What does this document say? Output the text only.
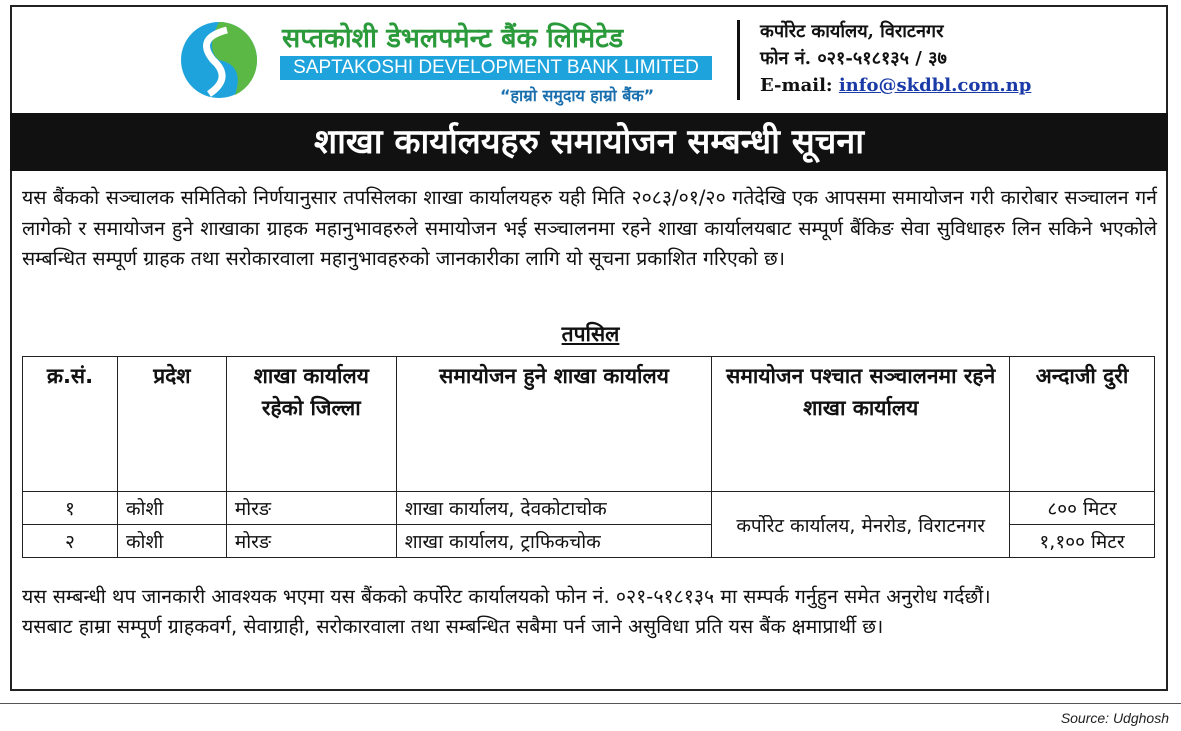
सप्तकोशी डेभलपमेन्ट बैंक लिमिटेड
SAPTAKOSHI DEVELOPMENT BANK LIMITED
“हाम्रो समुदाय हाम्रो बैंक”
कर्पोरेट कार्यालय, विराटनगर
फोन नं. ०२१-५१८१३५ / ३७
E-mail: info@skdbl.com.np
शाखा कार्यालयहरु समायोजन सम्बन्धी सूचना
यस बैंकको सञ्चालक समितिको निर्णयानुसार तपसिलका शाखा कार्यालयहरु यही मिति २०८३/०१/२० गतेदेखि एक आपसमा समायोजन गरी कारोबार सञ्चालन गर्न लागेको र समायोजन हुने शाखाका ग्राहक महानुभावहरुले समायोजन भई सञ्चालनमा रहने शाखा कार्यालयबाट सम्पूर्ण बैंकिङ सेवा सुविधाहरु लिन सकिने भएकोले सम्बन्धित सम्पूर्ण ग्राहक तथा सरोकारवाला महानुभावहरुको जानकारीका लागि यो सूचना प्रकाशित गरिएको छ।
तपसिल
क्र.सं.	प्रदेश	शाखा कार्यालय रहेको जिल्ला	समायोजन हुने शाखा कार्यालय	समायोजन पश्चात सञ्चालनमा रहने शाखा कार्यालय	अन्दाजी दुरी
१	कोशी	मोरङ	शाखा कार्यालय, देवकोटाचोक	कर्पोरेट कार्यालय, मेनरोड, विराटनगर	८०० मिटर
२	कोशी	मोरङ	शाखा कार्यालय, ट्राफिकचोक		१,१०० मिटर
यस सम्बन्धी थप जानकारी आवश्यक भएमा यस बैंकको कर्पोरेट कार्यालयको फोन नं. ०२१-५१८१३५ मा सम्पर्क गर्नुहुन समेत अनुरोध गर्दछौं।
यसबाट हाम्रा सम्पूर्ण ग्राहकवर्ग, सेवाग्राही, सरोकारवाला तथा सम्बन्धित सबैमा पर्न जाने असुविधा प्रति यस बैंक क्षमाप्रार्थी छ।
Source: Udghosh
